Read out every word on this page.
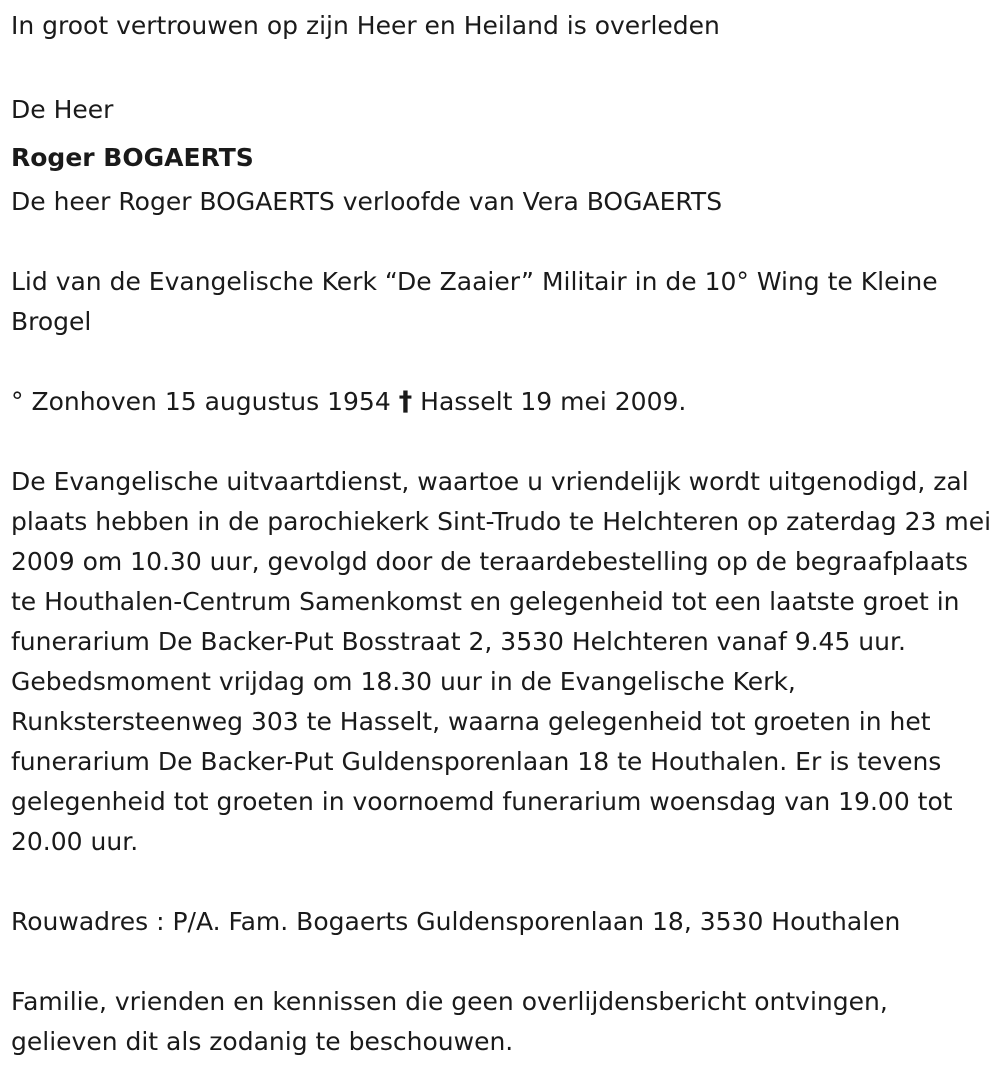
In groot vertrouwen op zijn Heer en Heiland is overleden

De Heer

Roger BOGAERTS

De heer Roger BOGAERTS verloofde van Vera BOGAERTS

Lid van de Evangelische Kerk “De Zaaier” Militair in de 10° Wing te Kleine Brogel

° Zonhoven 15 augustus 1954 † Hasselt 19 mei 2009.

De Evangelische uitvaartdienst, waartoe u vriendelijk wordt uitgenodigd, zal plaats hebben in de parochiekerk Sint-Trudo te Helchteren op zaterdag 23 mei 2009 om 10.30 uur, gevolgd door de teraardebestelling op de begraafplaats te Houthalen-Centrum Samenkomst en gelegenheid tot een laatste groet in funerarium De Backer-Put Bosstraat 2, 3530 Helchteren vanaf 9.45 uur. Gebedsmoment vrijdag om 18.30 uur in de Evangelische Kerk, Runkstersteenweg 303 te Hasselt, waarna gelegenheid tot groeten in het funerarium De Backer-Put Guldensporenlaan 18 te Houthalen. Er is tevens gelegenheid tot groeten in voornoemd funerarium woensdag van 19.00 tot 20.00 uur.

Rouwadres : P/A. Fam. Bogaerts Guldensporenlaan 18, 3530 Houthalen

Familie, vrienden en kennissen die geen overlijdensbericht ontvingen, gelieven dit als zodanig te beschouwen.
